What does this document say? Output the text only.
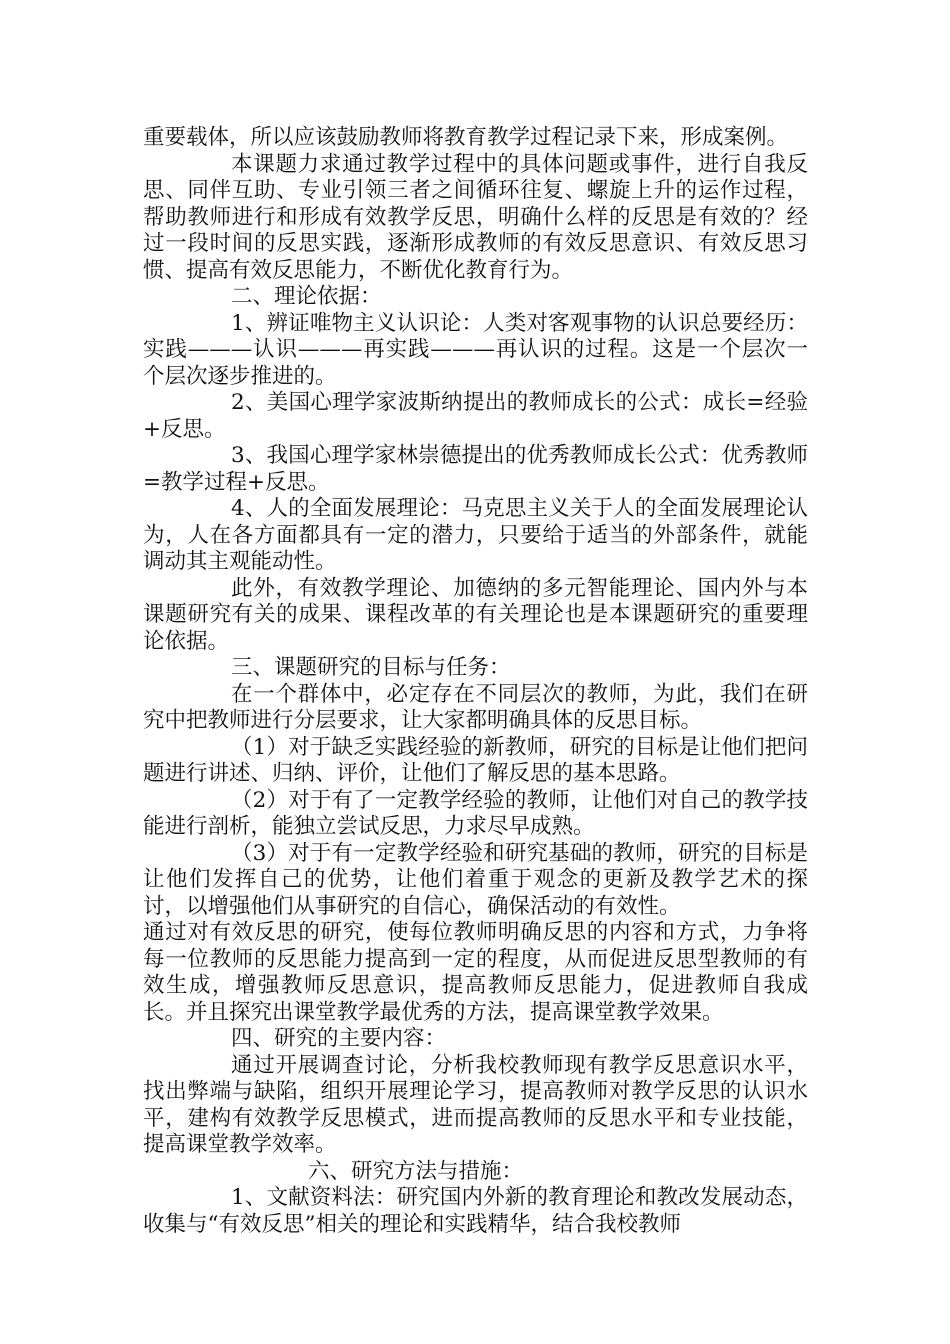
重要载体，所以应该鼓励教师将教育教学过程记录下来，形成案例。

本课题力求通过教学过程中的具体问题或事件，进行自我反思、同伴互助、专业引领三者之间循环往复、螺旋上升的运作过程，帮助教师进行和形成有效教学反思，明确什么样的反思是有效的？经过一段时间的反思实践，逐渐形成教师的有效反思意识、有效反思习惯、提高有效反思能力，不断优化教育行为。

二、理论依据：

1、辨证唯物主义认识论：人类对客观事物的认识总要经历：实践———认识———再实践———再认识的过程。这是一个层次一个层次逐步推进的。

2、美国心理学家波斯纳提出的教师成长的公式：成长=经验+反思。

3、我国心理学家林崇德提出的优秀教师成长公式：优秀教师=教学过程+反思。

4、人的全面发展理论：马克思主义关于人的全面发展理论认为，人在各方面都具有一定的潜力，只要给于适当的外部条件，就能调动其主观能动性。

此外，有效教学理论、加德纳的多元智能理论、国内外与本课题研究有关的成果、课程改革的有关理论也是本课题研究的重要理论依据。

三、课题研究的目标与任务：

在一个群体中，必定存在不同层次的教师，为此，我们在研究中把教师进行分层要求，让大家都明确具体的反思目标。

（1）对于缺乏实践经验的新教师，研究的目标是让他们把问题进行讲述、归纳、评价，让他们了解反思的基本思路。

（2）对于有了一定教学经验的教师，让他们对自己的教学技能进行剖析，能独立尝试反思，力求尽早成熟。

（3）对于有一定教学经验和研究基础的教师，研究的目标是让他们发挥自己的优势，让他们着重于观念的更新及教学艺术的探讨，以增强他们从事研究的自信心，确保活动的有效性。

通过对有效反思的研究，使每位教师明确反思的内容和方式，力争将每一位教师的反思能力提高到一定的程度，从而促进反思型教师的有效生成，增强教师反思意识，提高教师反思能力，促进教师自我成长。并且探究出课堂教学最优秀的方法，提高课堂教学效果。

四、研究的主要内容：

通过开展调查讨论，分析我校教师现有教学反思意识水平，找出弊端与缺陷，组织开展理论学习，提高教师对教学反思的认识水平，建构有效教学反思模式，进而提高教师的反思水平和专业技能，提高课堂教学效率。

六、研究方法与措施：

1、文献资料法：研究国内外新的教育理论和教改发展动态，收集与“有效反思”相关的理论和实践精华，结合我校教师
